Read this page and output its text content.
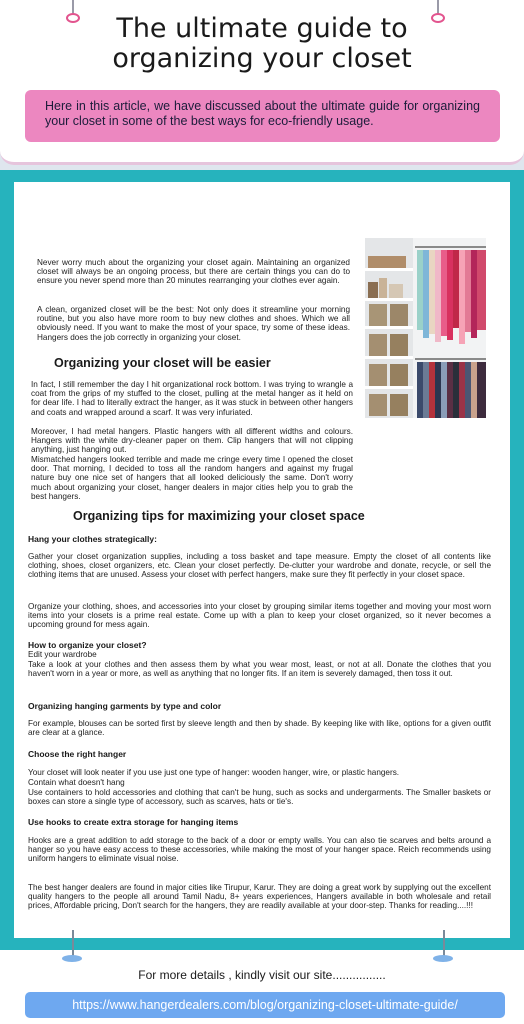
The ultimate guide to
organizing your closet
Here in this article, we have discussed about the ultimate guide for organizing your closet in some of the best ways for eco-friendly usage.

Never worry much about the organizing your closet again. Maintaining an organized closet will always be an ongoing process, but there are certain things you can do to ensure you never spend more than 20 minutes rearranging your clothes ever again.

A clean, organized closet will be the best: Not only does it streamline your morning routine, but you also have more room to buy new clothes and shoes. Which we all obviously need. If you want to make the most of your space, try some of these ideas. Hangers does the job correctly in organizing your closet.

Organizing your closet will be easier

In fact, I still remember the day I hit organizational rock bottom. I was trying to wrangle a coat from the grips of my stuffed to the closet, pulling at the metal hanger as it held on for dear life. I had to literally extract the hanger, as it was stuck in between other hangers and coats and wrapped around a scarf. It was very infuriated.

Moreover, I had metal hangers. Plastic hangers with all different widths and colours. Hangers with the white dry-cleaner paper on them. Clip hangers that will not clipping anything, just hanging out.

Mismatched hangers looked terrible and made me cringe every time I opened the closet door. That morning, I decided to toss all the random hangers and against my frugal nature buy one nice set of hangers that all looked deliciously the same. Don't worry much about organizing your closet, hanger dealers in major cities help you to grab the best hangers.

Organizing tips for maximizing your closet space
Hang your clothes strategically:

Gather your closet organization supplies, including a toss basket and tape measure. Empty the closet of all contents like clothing, shoes, closet organizers, etc. Clean your closet perfectly. De-clutter your wardrobe and donate, recycle, or sell the clothing items that are unused. Assess your closet with perfect hangers, make sure they fit perfectly in your closet space.

Organize your clothing, shoes, and accessories into your closet by grouping similar items together and moving your most worn items into your closets is a prime real estate. Come up with a plan to keep your closet organized, so it never becomes a upcoming ground for mess again.

How to organize your closet?

Edit your wardrobe

Take a look at your clothes and then assess them by what you wear most, least, or not at all. Donate the clothes that you haven't worn in a year or more, as well as anything that no longer fits. If an item is severely damaged, then toss it out.

Organizing hanging garments by type and color

For example, blouses can be sorted first by sleeve length and then by shade. By keeping like with like, options for a given outfit are clear at a glance.

Choose the right hanger

Your closet will look neater if you use just one type of hanger: wooden hanger, wire, or plastic hangers.

Contain what doesn't hang

Use containers to hold accessories and clothing that can't be hung, such as socks and undergarments. The Smaller baskets or boxes can store a single type of accessory, such as scarves, hats or tie's.

Use hooks to create extra storage for hanging items

Hooks are a great addition to add storage to the back of a door or empty walls. You can also tie scarves and belts around a hanger so you have easy access to these accessories, while making the most of your hanger space. Reich recommends using uniform hangers to eliminate visual noise.

The best hanger dealers are found in major cities like Tirupur, Karur. They are doing a great work by supplying out the excellent quality hangers to the people all around Tamil Nadu, 8+ years experiences, Hangers available in both wholesale and retail prices, Affordable pricing, Don't search for the hangers, they are readily available at your door-step. Thanks for reading....!!!

For more details , kindly visit our site................
https://www.hangerdealers.com/blog/organizing-closet-ultimate-guide/
